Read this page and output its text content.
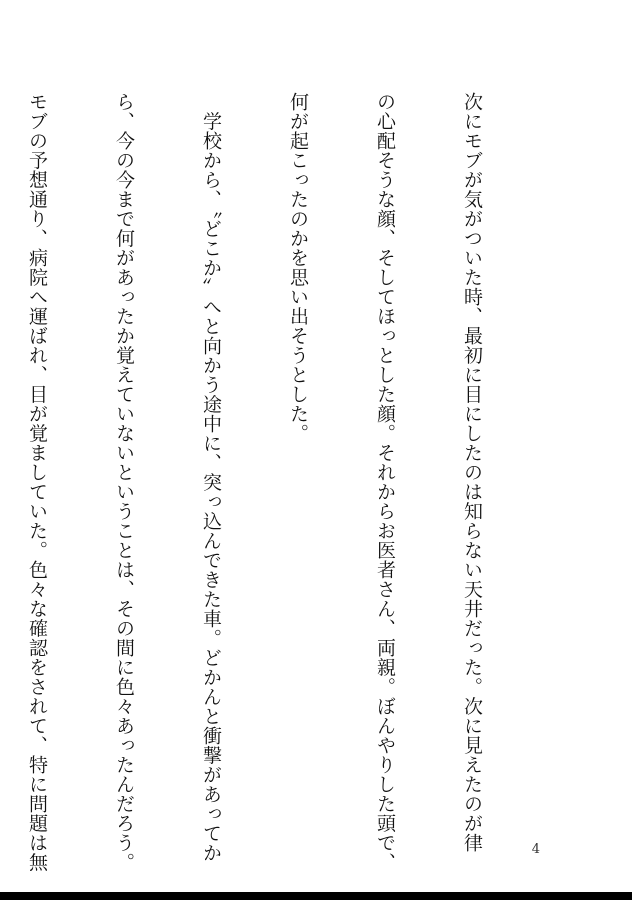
次にモブが気がついた時、最初に目にしたのは知らない天井だった。次に見えたのが律

の心配そうな顔、そしてほっとした顔。それからお医者さん、両親。ぼんやりした頭で、

何が起こったのかを思い出そうとした。

　学校から、〝どこか〟へと向かう途中に、突っ込んできた車。どかんと衝撃があってか

ら、今の今まで何があったか覚えていないということは、その間に色々あったんだろう。

モブの予想通り、病院へ運ばれ、目が覚ましていた。色々な確認をされて、特に問題は無

	4
